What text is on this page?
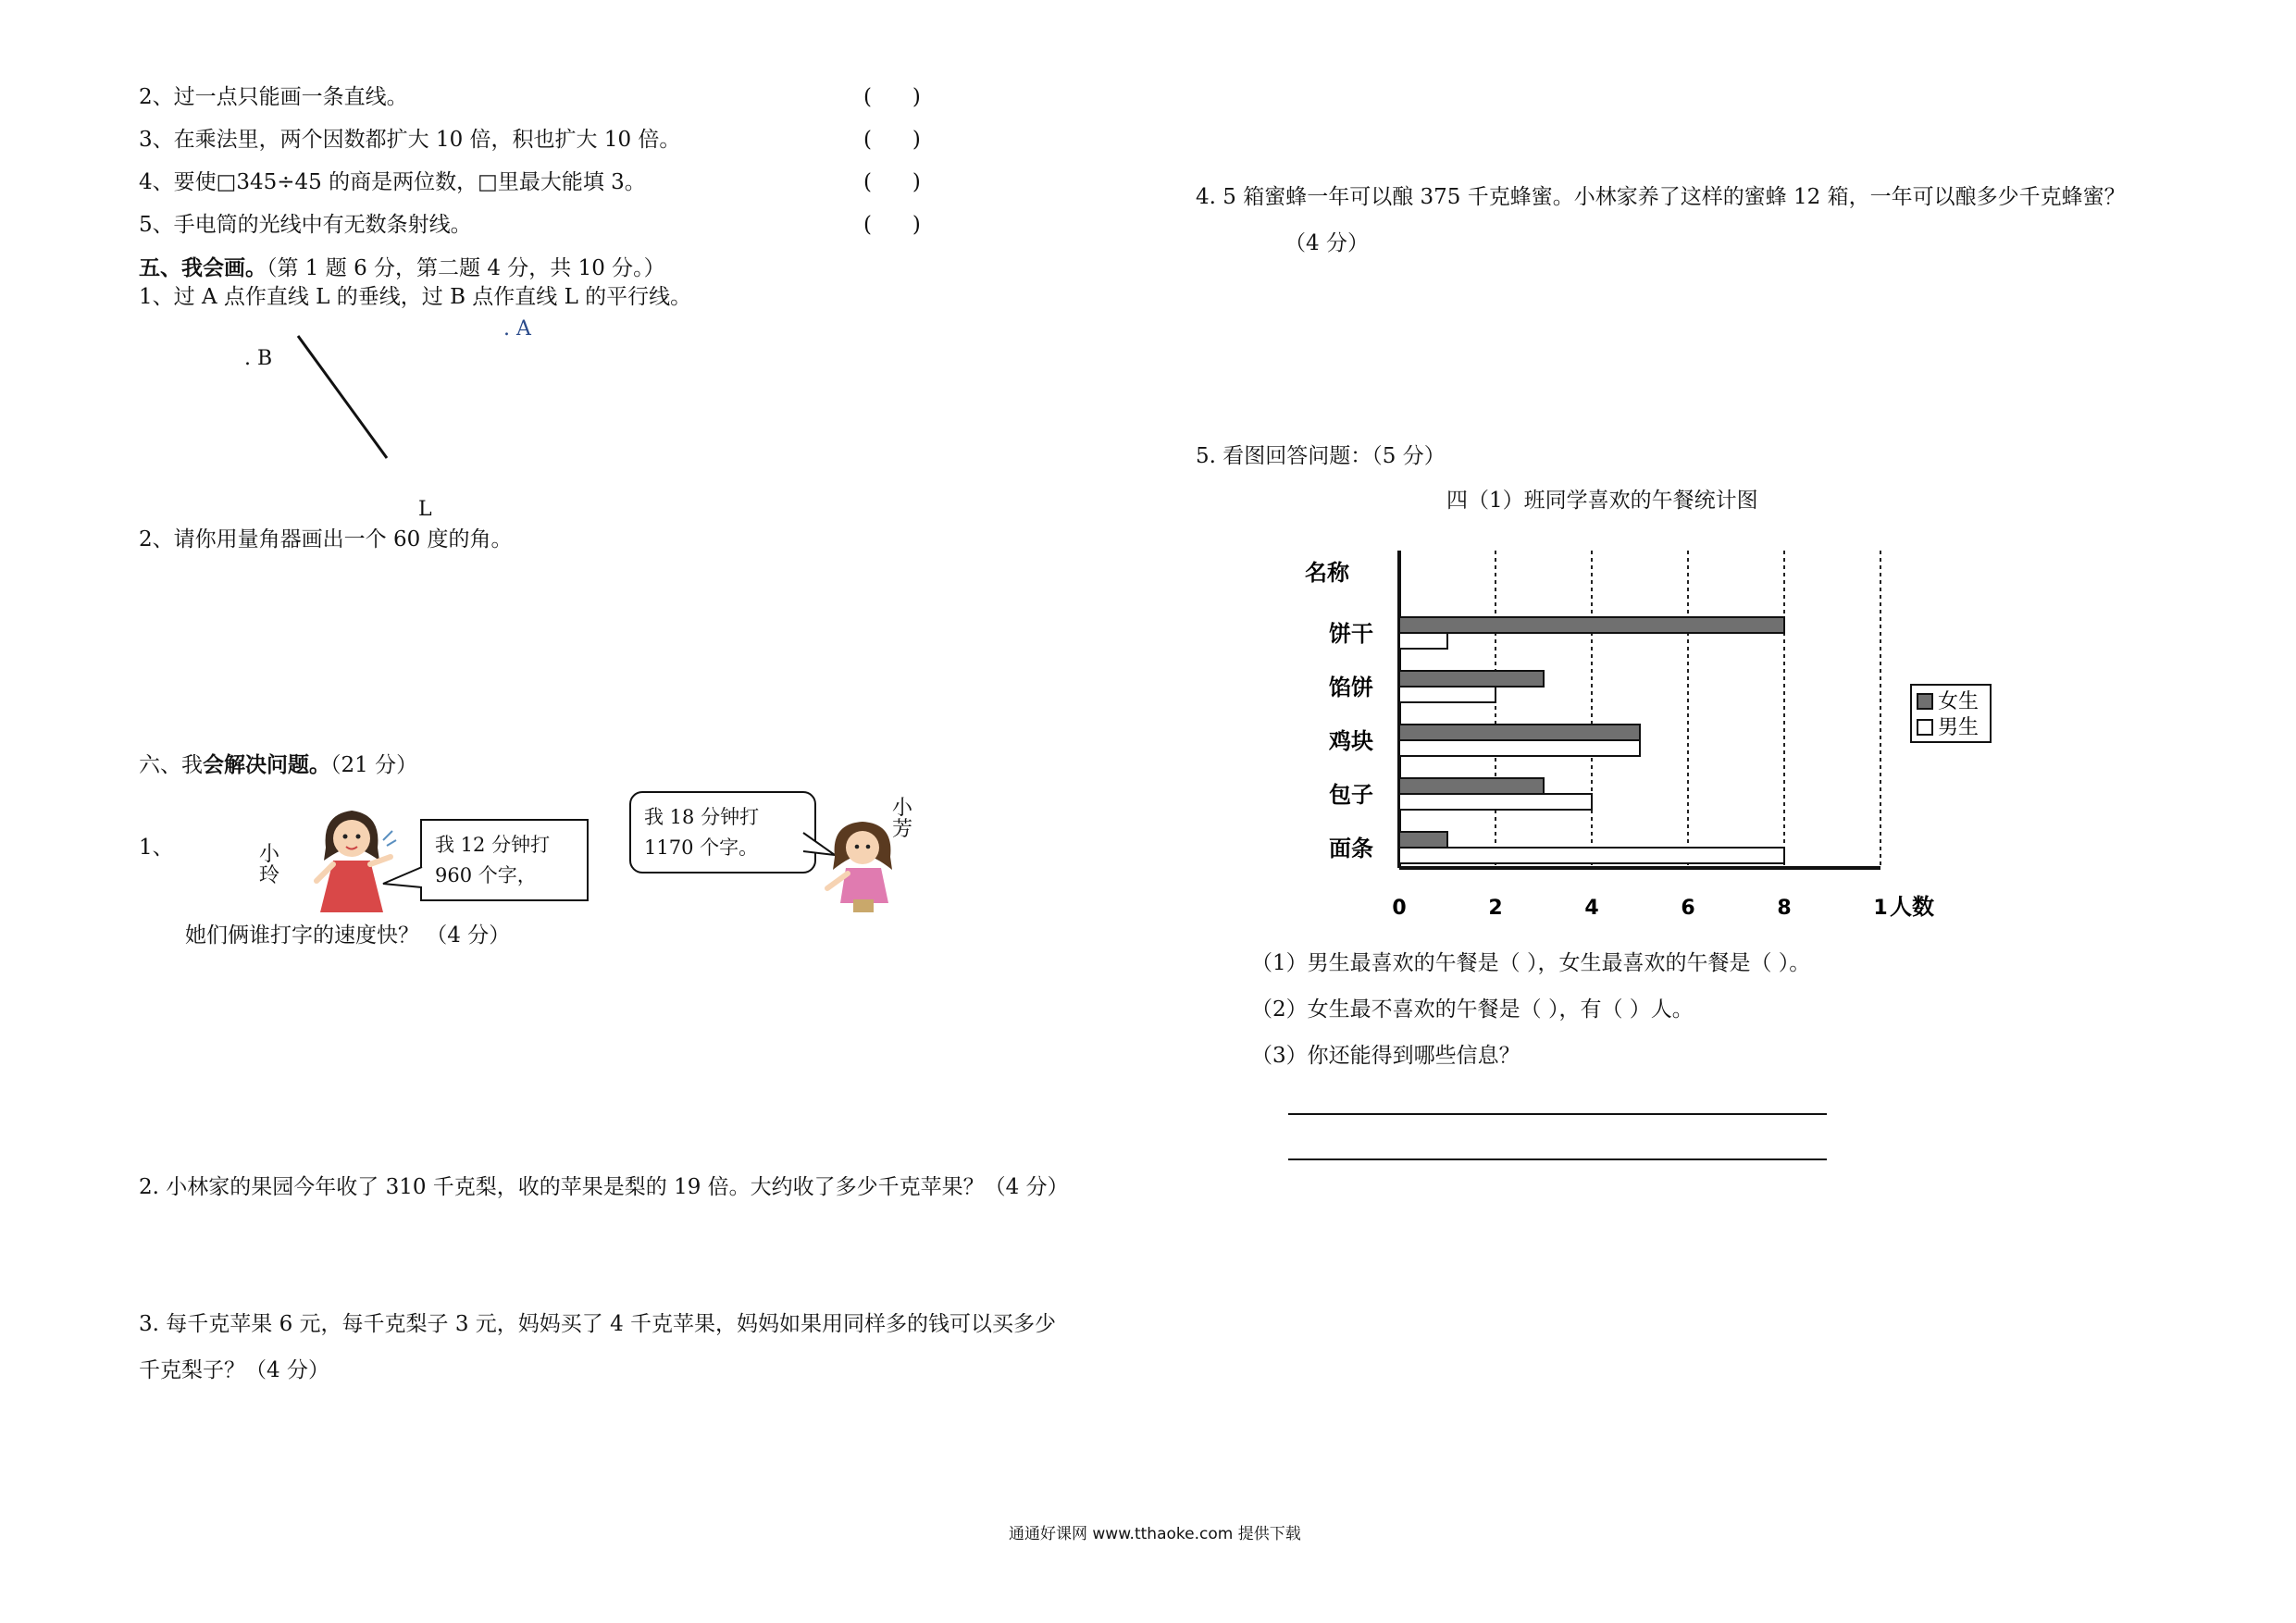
2、过一点只能画一条直线。	(      )
3、在乘法里，两个因数都扩大 10 倍，积也扩大 10 倍。	(      )
4、要使□345÷45 的商是两位数，□里最大能填 3。	(      )
5、手电筒的光线中有无数条射线。	(      )
五、我会画。（第 1 题 6 分，第二题 4 分，共 10 分。）
1、过 A 点作直线 L 的垂线，过 B 点作直线 L 的平行线。
. A
. B
L
2、请你用量角器画出一个 60 度的角。
六、我会解决问题。（21 分）
1、	小
玲
我 12 分钟打
960 个字，
我 18 分钟打
1170 个字。
小
芳
她们俩谁打字的速度快？ （4 分）
2. 小林家的果园今年收了 310 千克梨，收的苹果是梨的 19 倍。大约收了多少千克苹果？（4 分）
3. 每千克苹果 6 元，每千克梨子 3 元，妈妈买了 4 千克苹果，妈妈如果用同样多的钱可以买多少
千克梨子？（4 分）
4. 5 箱蜜蜂一年可以酿 375 千克蜂蜜。小林家养了这样的蜜蜂 12 箱，一年可以酿多少千克蜂蜜？
（4 分）
5. 看图回答问题：（5 分）
四（1）班同学喜欢的午餐统计图
名称
人数
0	2	4	6	8	1
饼干
馅饼
鸡块
包子
面条
女生
男生
（1）男生最喜欢的午餐是（ ），女生最喜欢的午餐是（ ）。
（2）女生最不喜欢的午餐是（ ），有（ ）人。
（3）你还能得到哪些信息？
通通好课网 www.tthaoke.com 提供下载
